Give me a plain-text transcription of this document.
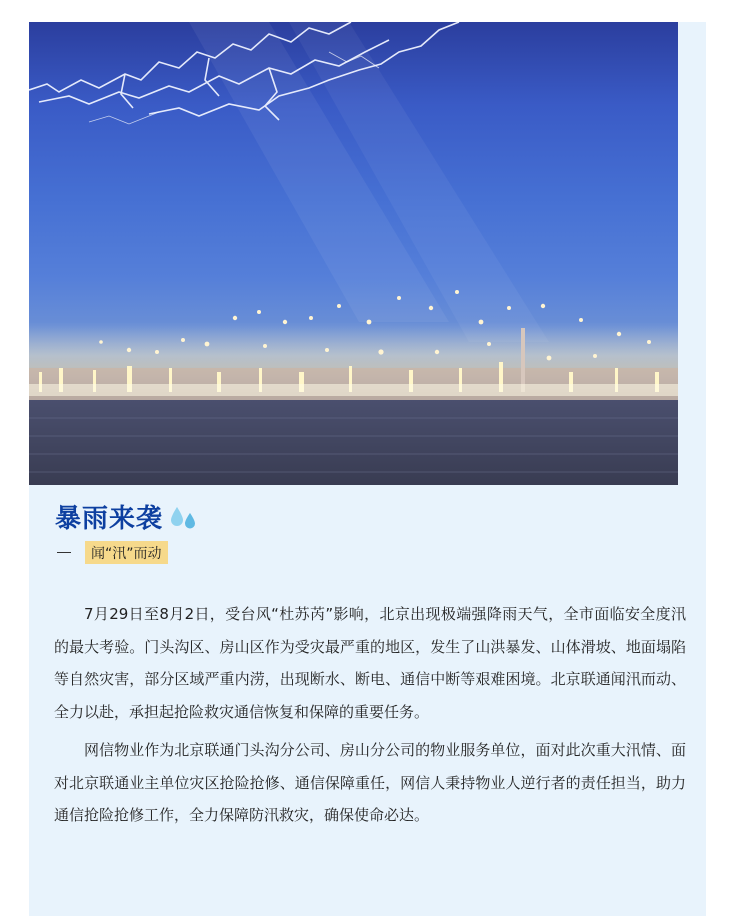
暴雨来袭
闻“汛”而动

7月29日至8月2日，受台风“杜苏芮”影响，北京出现极端强降雨天气，全市面临安全度汛的最大考验。门头沟区、房山区作为受灾最严重的地区，发生了山洪暴发、山体滑坡、地面塌陷等自然灾害，部分区域严重内涝，出现断水、断电、通信中断等艰难困境。北京联通闻汛而动、全力以赴，承担起抢险救灾通信恢复和保障的重要任务。

网信物业作为北京联通门头沟分公司、房山分公司的物业服务单位，面对此次重大汛情、面对北京联通业主单位灾区抢险抢修、通信保障重任，网信人秉持物业人逆行者的责任担当，助力通信抢险抢修工作，全力保障防汛救灾，确保使命必达。
